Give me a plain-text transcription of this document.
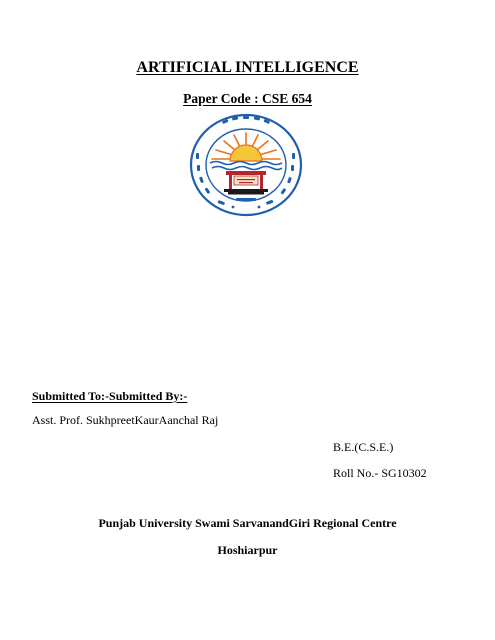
ARTIFICIAL INTELLIGENCE
Paper Code : CSE 654
Submitted To:-Submitted By:-
Asst. Prof. SukhpreetKaurAanchal Raj
B.E.(C.S.E.)
Roll No.- SG10302
Punjab University Swami SarvanandGiri Regional Centre
Hoshiarpur
